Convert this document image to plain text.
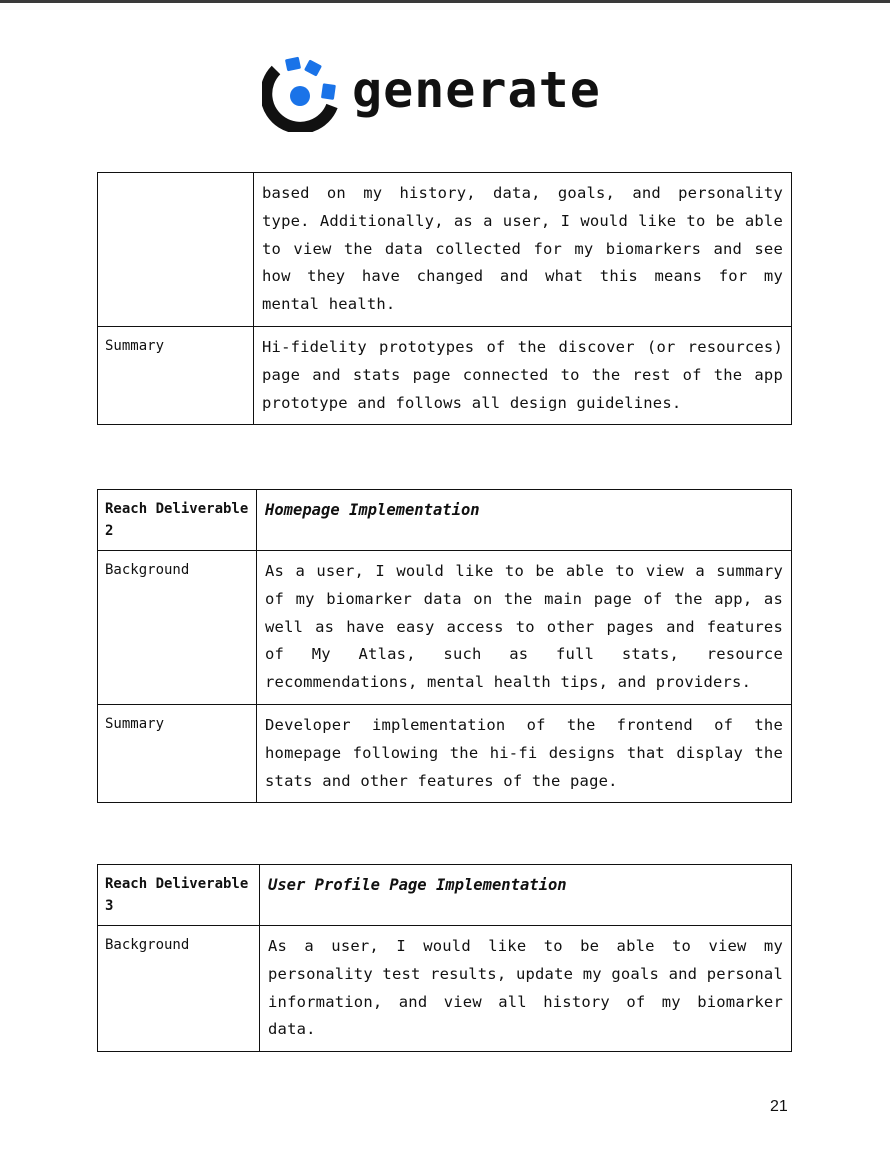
generate
	based on my history, data, goals, and personality type. Additionally, as a user, I would like to be able to view the data collected for my biomarkers and see how they have changed and what this means for my mental health.
Summary	Hi-fidelity prototypes of the discover (or resources) page and stats page connected to the rest of the app prototype and follows all design guidelines.
Reach Deliverable 2	Homepage Implementation
Background	As a user, I would like to be able to view a summary of my biomarker data on the main page of the app, as well as have easy access to other pages and features of My Atlas, such as full stats, resource recommendations, mental health tips, and providers.
Summary	Developer implementation of the frontend of the homepage following the hi-fi designs that display the stats and other features of the page.
Reach Deliverable 3	User Profile Page Implementation
Background	As a user, I would like to be able to view my personality test results, update my goals and personal information, and view all history of my biomarker data.
21
